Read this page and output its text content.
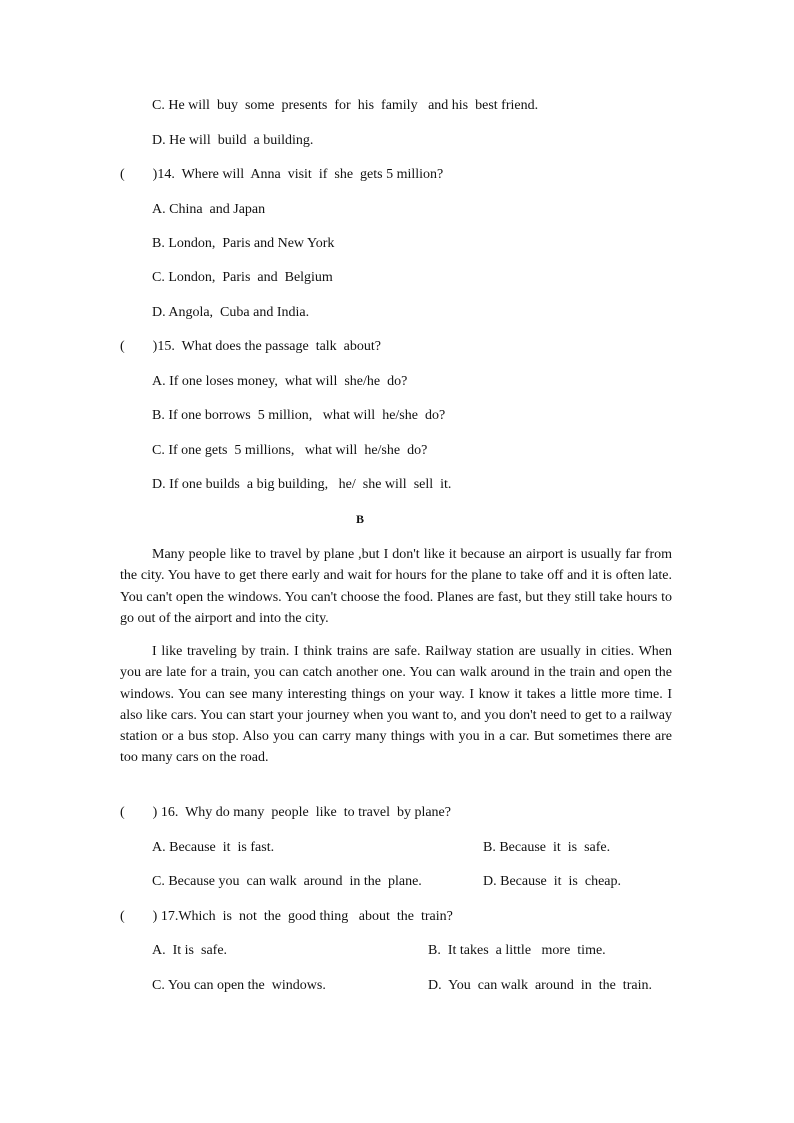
C. He will  buy  some  presents  for  his  family   and his  best friend.
D. He will  build  a building.
(        )14.  Where will  Anna  visit  if  she  gets 5 million?
A. China  and Japan
B. London,  Paris and New York
C. London,  Paris  and  Belgium
D. Angola,  Cuba and India.
(        )15.  What does the passage  talk  about?
A. If one loses money,  what will  she/he  do?
B. If one borrows  5 million,   what will  he/she  do?
C. If one gets  5 millions,   what will  he/she  do?
D. If one builds  a big building,   he/  she will  sell  it.
B
Many people like to travel by plane ,but I don't like it because an airport is usually far from the city. You have to get there early and wait for hours for the plane to take off and it is often late. You can't open the windows. You can't choose the food. Planes are fast, but they still take hours to go out of the airport and into the city.
I like traveling by train. I think trains are safe. Railway station are usually in cities. When you are late for a train, you can catch another one. You can walk around in the train and open the windows. You can see many interesting things on your way. I know it takes a little more time. I also like cars. You can start your journey when you want to, and you don't need to get to a railway station or a bus stop. Also you can carry many things with you in a car. But sometimes there are too many cars on the road.
(        ) 16.  Why do many  people  like  to travel  by plane?
A. Because  it  is fast.	B. Because  it  is  safe.
C. Because you  can walk  around  in the  plane.	D. Because  it  is  cheap.
(        ) 17.Which  is  not  the  good thing   about  the  train?
A.  It is  safe.	B.  It takes  a little   more  time.
C. You can open the  windows.	D.  You  can walk  around  in  the  train.
